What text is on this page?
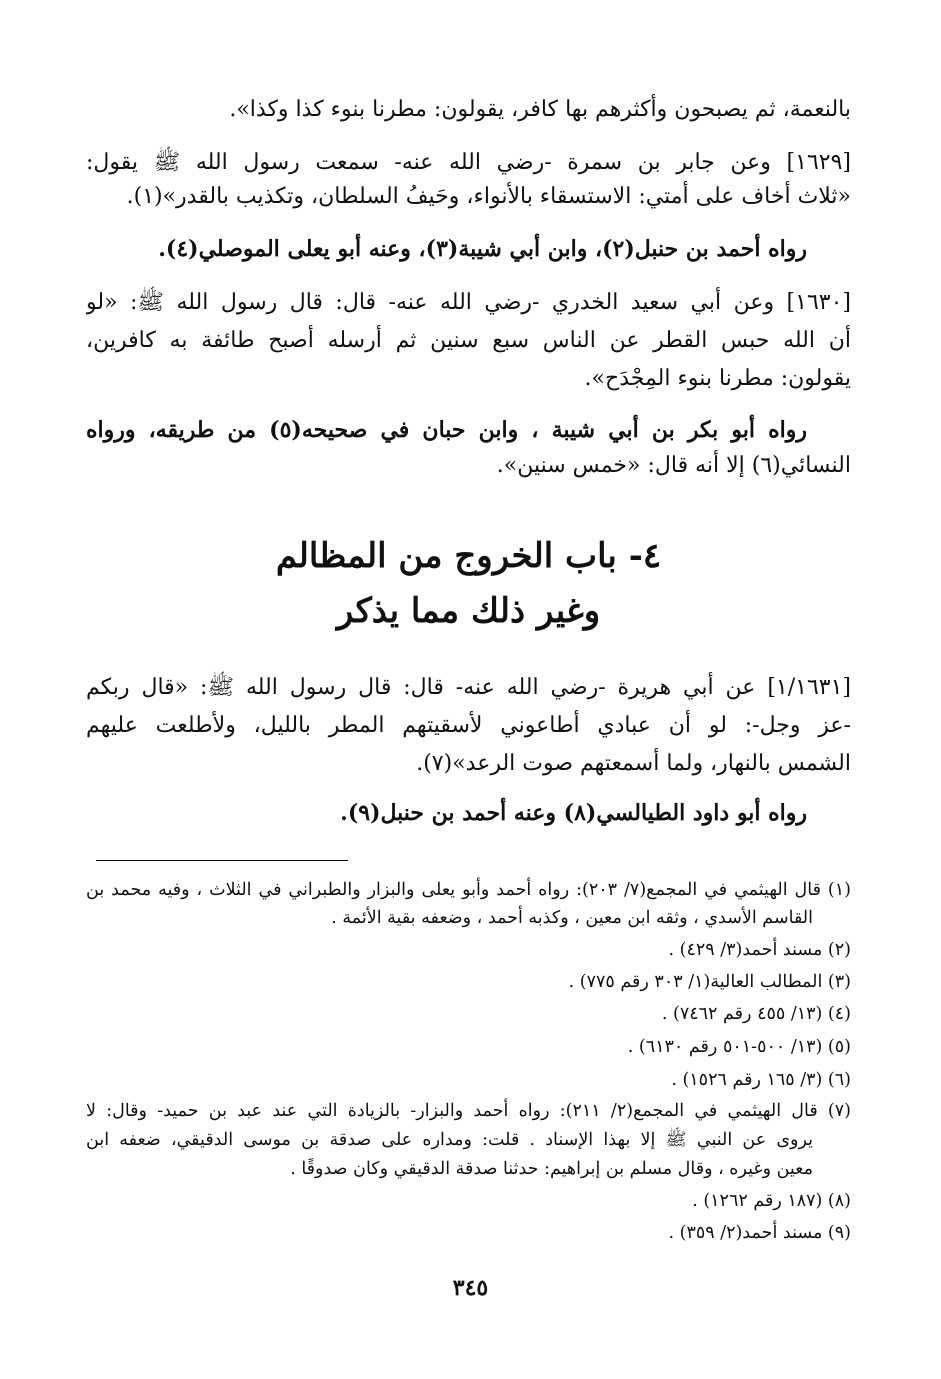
بالنعمة، ثم يصبحون وأكثرهم بها كافر، يقولون: مطرنا بنوء كذا وكذا».
[١٦٢٩] وعن جابر بن سمرة -رضي الله عنه- سمعت رسول الله ﷺ يقول:
«ثلاث أخاف على أمتي: الاستسقاء بالأنواء، وحَيفُ السلطان، وتكذيب بالقدر»(١).
رواه أحمد بن حنبل(٢)، وابن أبي شيبة(٣)، وعنه أبو يعلى الموصلي(٤).
[١٦٣٠] وعن أبي سعيد الخدري -رضي الله عنه- قال: قال رسول الله ﷺ: «لو
أن الله حبس القطر عن الناس سبع سنين ثم أرسله أصبح طائفة به كافرين،
يقولون: مطرنا بنوء المِجْدَح».
رواه أبو بكر بن أبي شيبة ، وابن حبان في صحيحه(٥) من طريقه، ورواه
النسائي(٦) إلا أنه قال: «خمس سنين».
٤- باب الخروج من المظالم
وغير ذلك مما يذكر
[١/١٦٣١] عن أبي هريرة -رضي الله عنه- قال: قال رسول الله ﷺ: «قال ربكم
-عز وجل-: لو أن عبادي أطاعوني لأسقيتهم المطر بالليل، ولأطلعت عليهم
الشمس بالنهار، ولما أسمعتهم صوت الرعد»(٧).
رواه أبو داود الطيالسي(٨) وعنه أحمد بن حنبل(٩).
(١) قال الهيثمي في المجمع(٧/ ٢٠٣): رواه أحمد وأبو يعلى والبزار والطبراني في الثلاث ، وفيه محمد بن
القاسم الأسدي ، وثقه ابن معين ، وكذبه أحمد ، وضعفه بقية الأئمة .
(٢) مسند أحمد(٣/ ٤٢٩) .
(٣) المطالب العالية(١/ ٣٠٣ رقم ٧٧٥) .
(٤) (١٣/ ٤٥٥ رقم ٧٤٦٢) .
(٥) (١٣/ ٥٠٠-٥٠١ رقم ٦١٣٠) .
(٦) (٣/ ١٦٥ رقم ١٥٢٦) .
(٧) قال الهيثمي في المجمع(٢/ ٢١١): رواه أحمد والبزار- بالزيادة التي عند عبد بن حميد- وقال: لا
يروى عن النبي ﷺ إلا بهذا الإسناد . قلت: ومداره على صدقة بن موسى الدقيقي، ضعفه ابن
معين وغيره ، وقال مسلم بن إبراهيم: حدثنا صدقة الدقيقي وكان صدوقًا .
(٨) (١٨٧ رقم ١٢٦٢) .
(٩) مسند أحمد(٢/ ٣٥٩) .
٣٤٥
